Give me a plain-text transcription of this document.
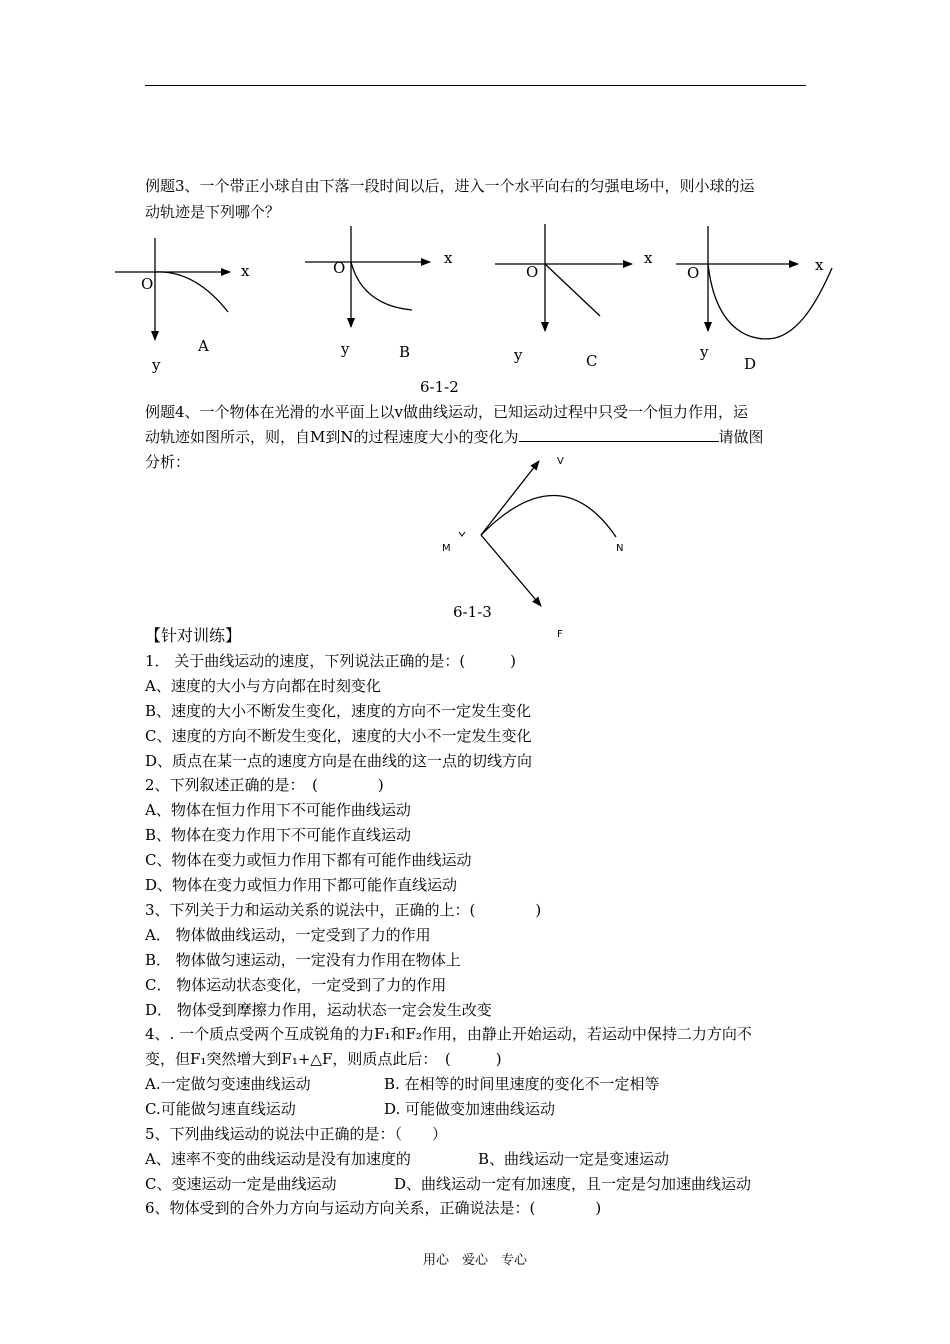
例题3、一个带正小球自由下落一段时间以后，进入一个水平向右的匀强电场中，则小球的运
动轨迹是下列哪个？
x
O
y
A
x
O
y	B
x
O
y	C
x
O
y
D
6-1-2
例题4、一个物体在光滑的水平面上以v做曲线运动，已知运动过程中只受一个恒力作用，运
动轨迹如图所示，则，自M到N的过程速度大小的变化为	请做图
分析：	V
M	N
F
6-1-3
【针对训练】
1． 关于曲线运动的速度，下列说法正确的是：(　　　)
A、速度的大小与方向都在时刻变化
B、速度的大小不断发生变化，速度的方向不一定发生变化
C、速度的方向不断发生变化，速度的大小不一定发生变化
D、质点在某一点的速度方向是在曲线的这一点的切线方向
2、下列叙述正确的是：　(　　　　)
A、物体在恒力作用下不可能作曲线运动
B、物体在变力作用下不可能作直线运动
C、物体在变力或恒力作用下都有可能作曲线运动
D、物体在变力或恒力作用下都可能作直线运动
3、下列关于力和运动关系的说法中，正确的上：(　　　　)
A． 物体做曲线运动，一定受到了力的作用
B． 物体做匀速运动，一定没有力作用在物体上
C． 物体运动状态变化，一定受到了力的作用
D． 物体受到摩擦力作用，运动状态一定会发生改变
4、. 一个质点受两个互成锐角的力F₁和F₂作用，由静止开始运动，若运动中保持二力方向不
变，但F₁突然增大到F₁+△F，则质点此后：　(　　　)
A.一定做匀变速曲线运动	B. 在相等的时间里速度的变化不一定相等
C.可能做匀速直线运动	D. 可能做变加速曲线运动
5、下列曲线运动的说法中正确的是：（　　）
A、速率不变的曲线运动是没有加速度的	B、曲线运动一定是变速运动
C、变速运动一定是曲线运动	D、曲线运动一定有加速度，且一定是匀加速曲线运动
6、物体受到的合外力方向与运动方向关系，正确说法是：(　　　　)
用心　爱心　专心
